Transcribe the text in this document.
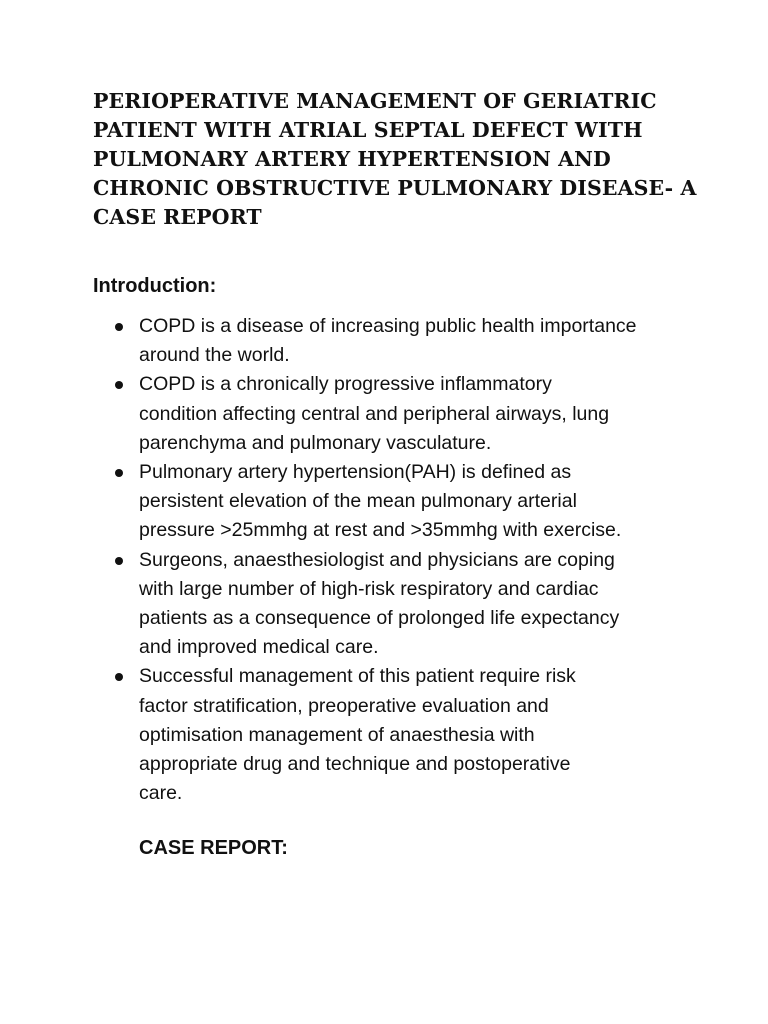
PERIOPERATIVE MANAGEMENT OF GERIATRIC
PATIENT WITH ATRIAL SEPTAL DEFECT WITH
PULMONARY ARTERY HYPERTENSION AND
CHRONIC OBSTRUCTIVE PULMONARY DISEASE- A
CASE REPORT
Introduction:
COPD is a disease of increasing public health importance
around the world.
COPD is a chronically progressive inflammatory
condition affecting central and peripheral airways, lung
parenchyma and pulmonary vasculature.
Pulmonary artery hypertension(PAH) is defined as
persistent elevation of the mean pulmonary arterial
pressure >25mmhg at rest and >35mmhg with exercise.
Surgeons, anaesthesiologist and physicians are coping
with large number of high-risk respiratory and cardiac
patients as a consequence of prolonged life expectancy
and improved medical care.
Successful management of this patient require risk
factor stratification, preoperative evaluation and
optimisation management of anaesthesia with
appropriate drug and technique and postoperative
care.
CASE REPORT:
